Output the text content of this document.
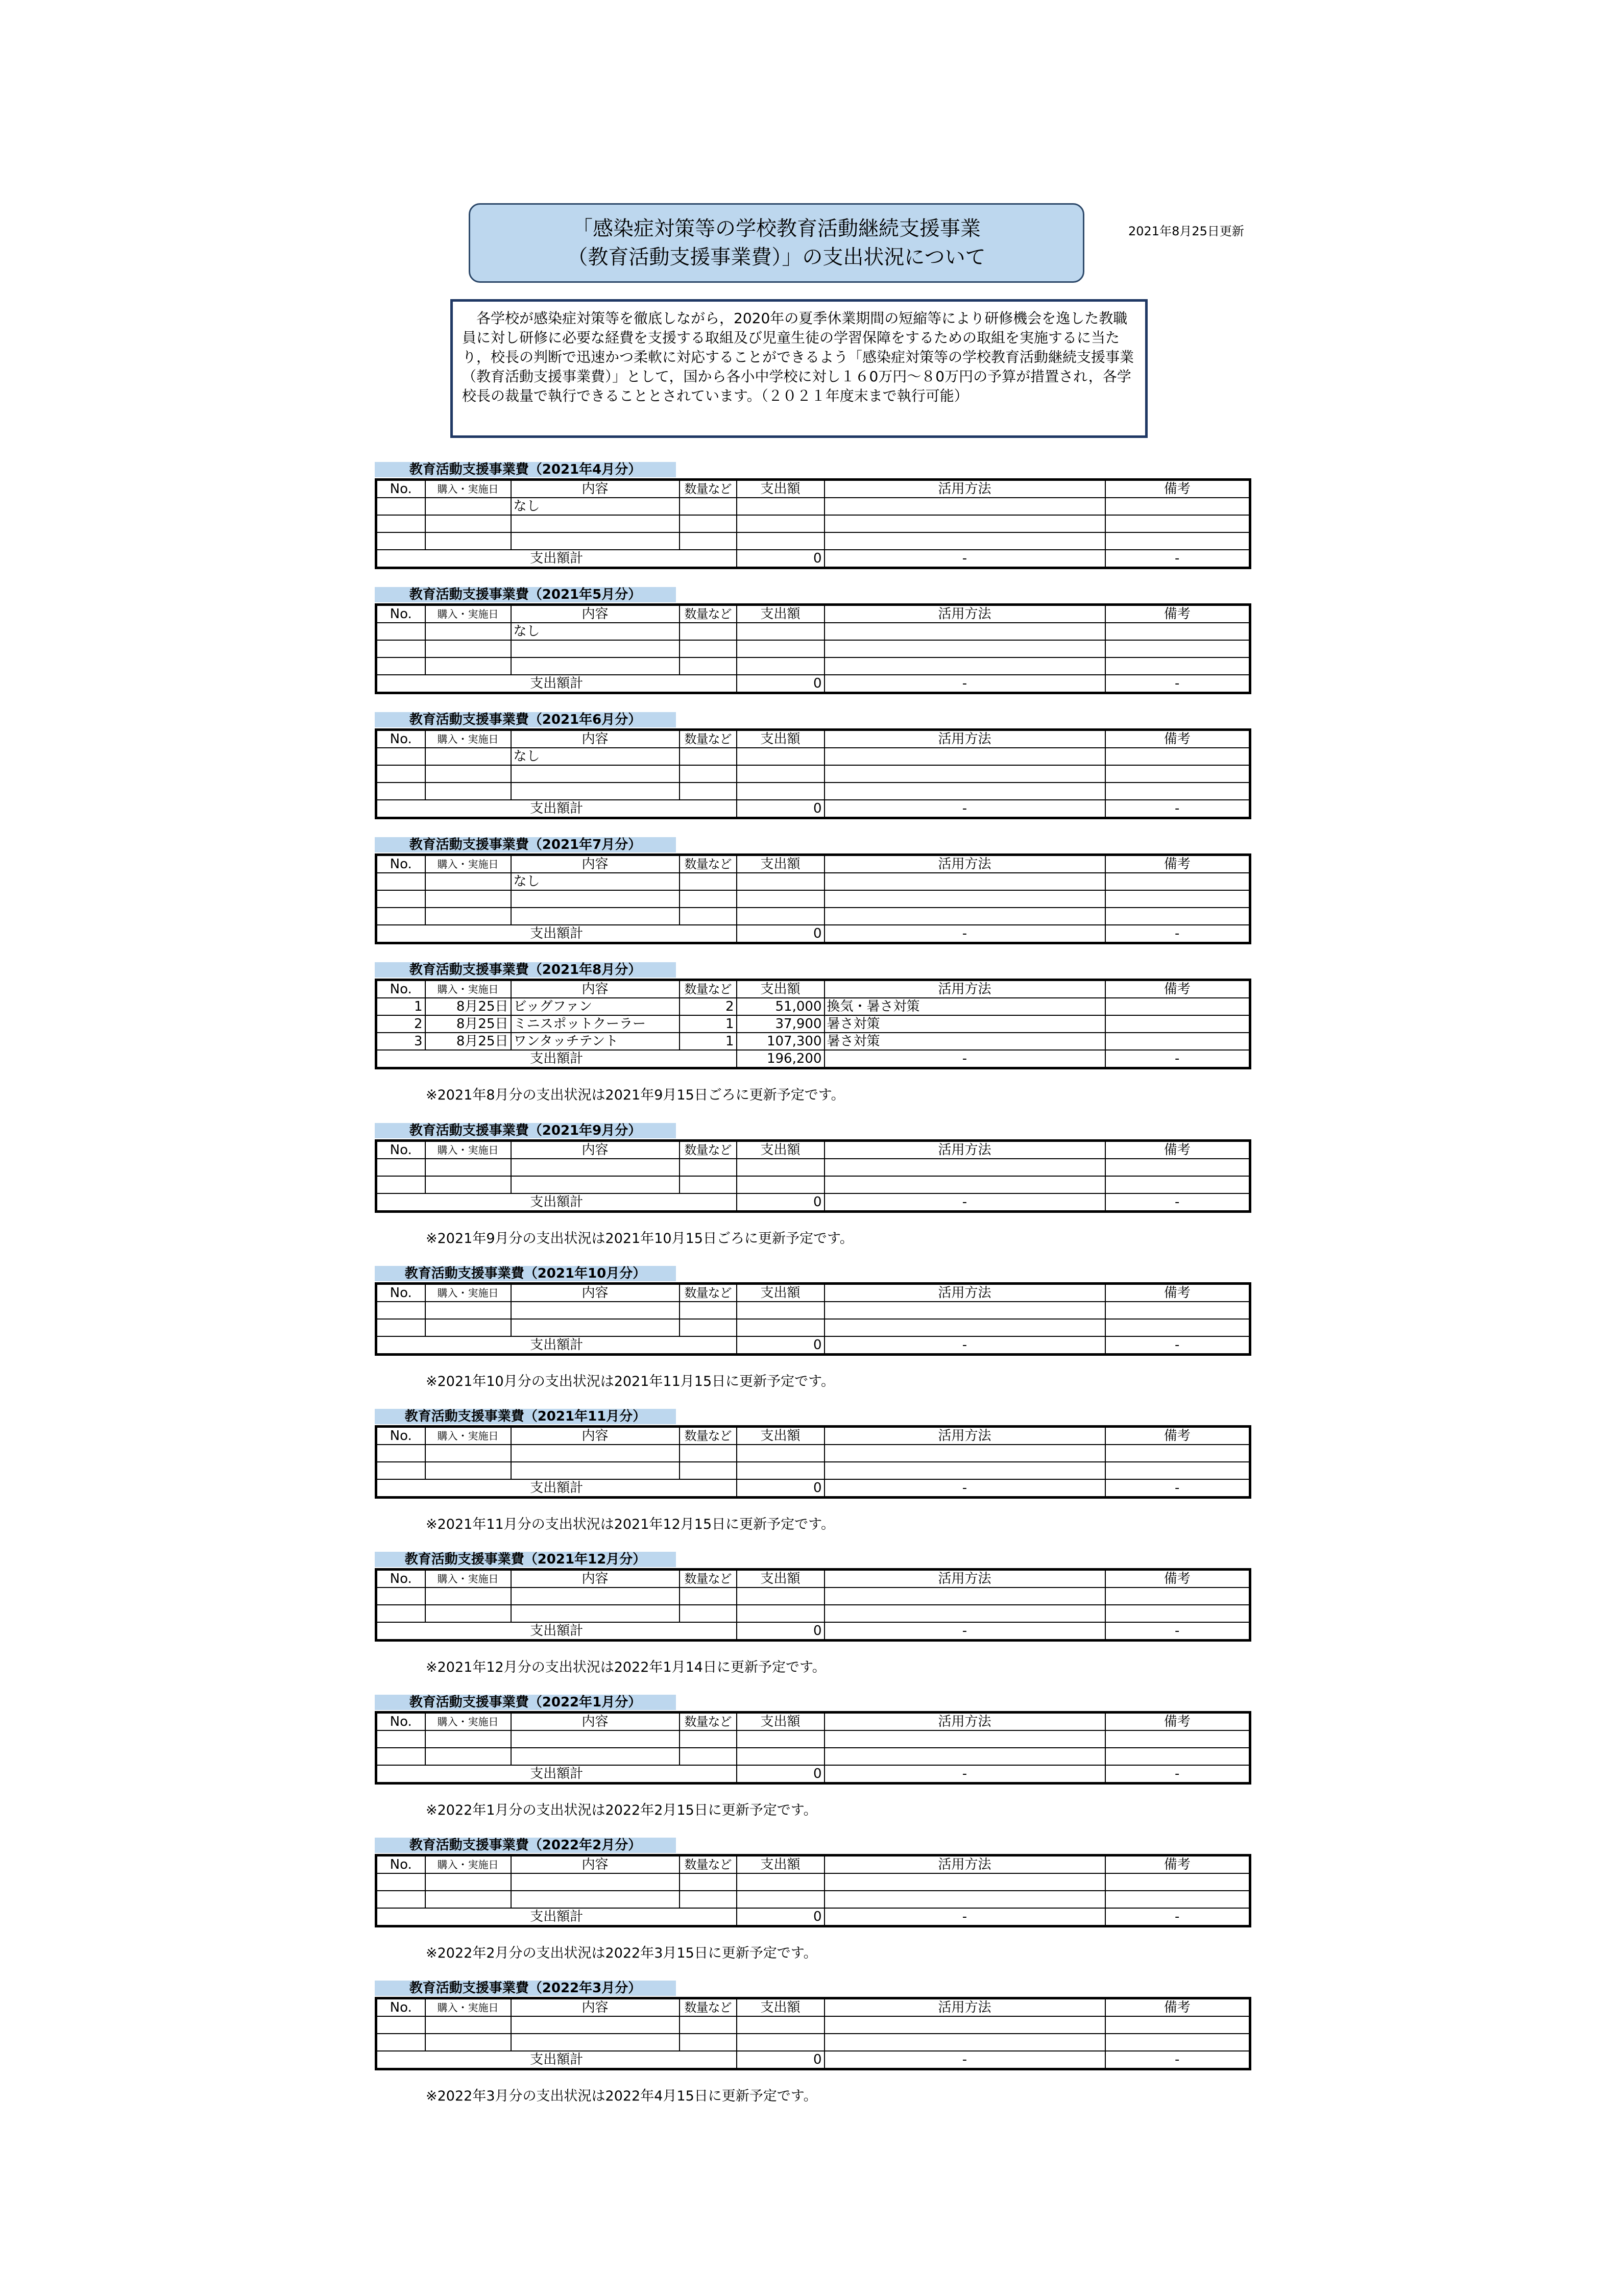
「感染症対策等の学校教育活動継続支援事業
（教育活動支援事業費）」の支出状況について
2021年8月25日更新
　各学校が感染症対策等を徹底しながら，2020年の夏季休業期間の短縮等により研修機会を逸した教職員に対し研修に必要な経費を支援する取組及び児童生徒の学習保障をするための取組を実施するに当たり，校長の判断で迅速かつ柔軟に対応することができるよう「感染症対策等の学校教育活動継続支援事業（教育活動支援事業費）」として，国から各小中学校に対し１６0万円～８0万円の予算が措置され，各学校長の裁量で執行できることとされています。（２０２１年度末まで執行可能）
教育活動支援事業費（2021年4月分）
No.	購入・実施日	内容	数量など	支出額	活用方法	備考
		なし				

支出額計				0	-	-
教育活動支援事業費（2021年5月分）
No.	購入・実施日	内容	数量など	支出額	活用方法	備考
		なし				

支出額計				0	-	-
教育活動支援事業費（2021年6月分）
No.	購入・実施日	内容	数量など	支出額	活用方法	備考
		なし				

支出額計				0	-	-
教育活動支援事業費（2021年7月分）
No.	購入・実施日	内容	数量など	支出額	活用方法	備考
		なし				

支出額計				0	-	-
教育活動支援事業費（2021年8月分）
No.	購入・実施日	内容	数量など	支出額	活用方法	備考
1	8月25日	ビッグファン	2	51,000	換気・暑さ対策	
2	8月25日	ミニスポットクーラー	1	37,900	暑さ対策	
3	8月25日	ワンタッチテント	1	107,300	暑さ対策	
支出額計				196,200	-	-
※2021年8月分の支出状況は2021年9月15日ごろに更新予定です。
教育活動支援事業費（2021年9月分）
No.	購入・実施日	内容	数量など	支出額	活用方法	備考

支出額計				0	-	-
※2021年9月分の支出状況は2021年10月15日ごろに更新予定です。
教育活動支援事業費（2021年10月分）
No.	購入・実施日	内容	数量など	支出額	活用方法	備考

支出額計				0	-	-
※2021年10月分の支出状況は2021年11月15日に更新予定です。
教育活動支援事業費（2021年11月分）
No.	購入・実施日	内容	数量など	支出額	活用方法	備考

支出額計				0	-	-
※2021年11月分の支出状況は2021年12月15日に更新予定です。
教育活動支援事業費（2021年12月分）
No.	購入・実施日	内容	数量など	支出額	活用方法	備考

支出額計				0	-	-
※2021年12月分の支出状況は2022年1月14日に更新予定です。
教育活動支援事業費（2022年1月分）
No.	購入・実施日	内容	数量など	支出額	活用方法	備考

支出額計				0	-	-
※2022年1月分の支出状況は2022年2月15日に更新予定です。
教育活動支援事業費（2022年2月分）
No.	購入・実施日	内容	数量など	支出額	活用方法	備考

支出額計				0	-	-
※2022年2月分の支出状況は2022年3月15日に更新予定です。
教育活動支援事業費（2022年3月分）
No.	購入・実施日	内容	数量など	支出額	活用方法	備考

支出額計				0	-	-
※2022年3月分の支出状況は2022年4月15日に更新予定です。
